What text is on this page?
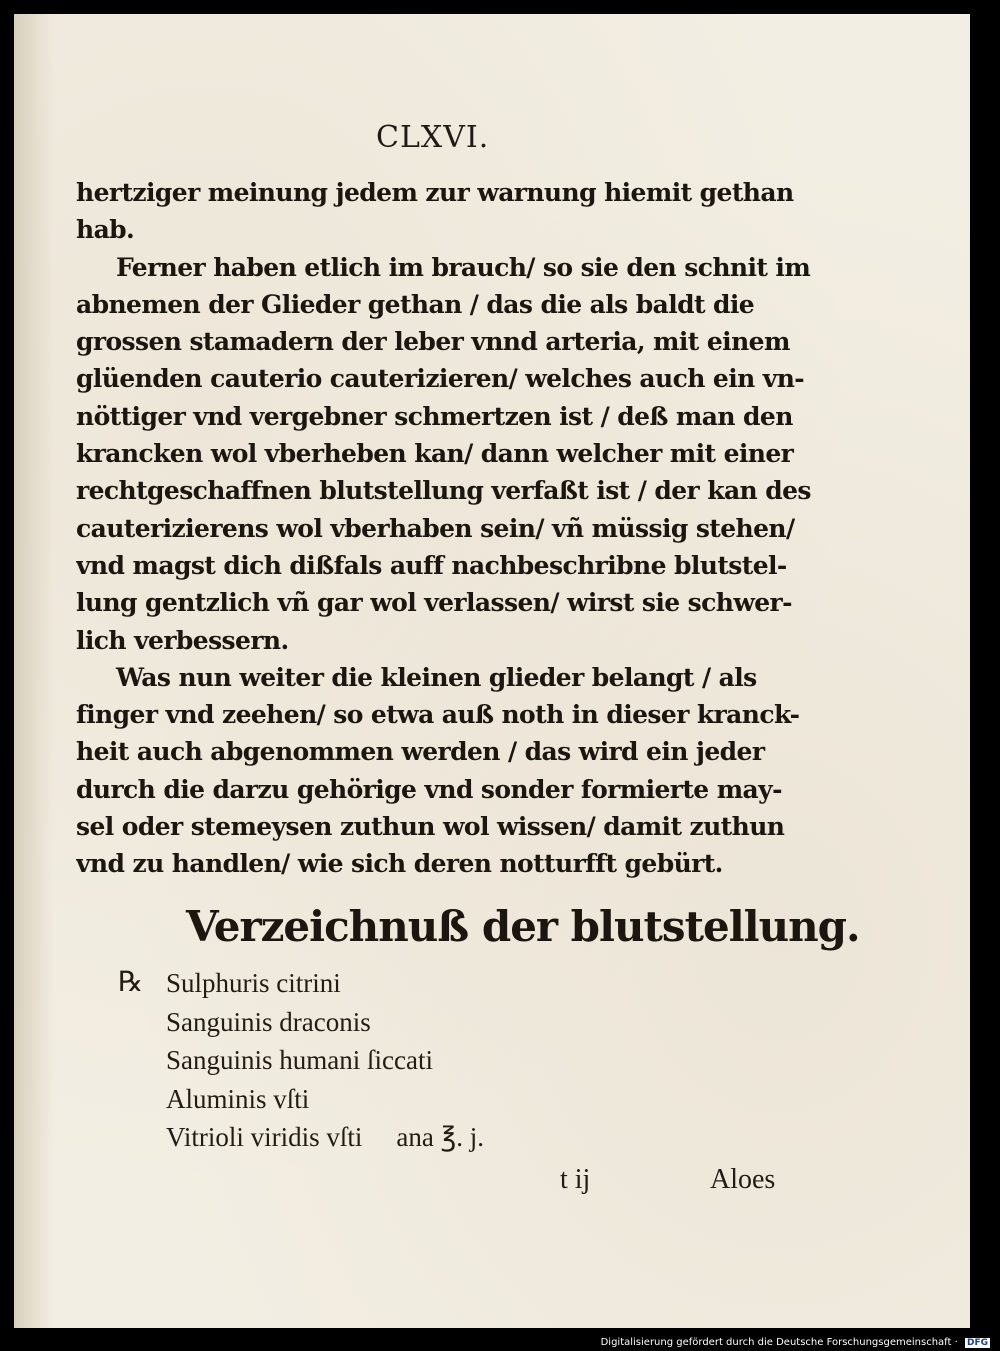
CLXVI.
hertziger meinung jedem zur warnung hiemit gethan
hab.
Ferner haben etlich im brauch/ so sie den schnit im
abnemen der Glieder gethan / das die als baldt die
grossen stamadern der leber vnnd arteria, mit einem
glüenden cauterio cauterizieren/ welches auch ein vn-
nöttiger vnd vergebner schmertzen ist / deß man den
krancken wol vberheben kan/ dann welcher mit einer
rechtgeschaffnen blutstellung verfaßt ist / der kan des
cauterizierens wol vberhaben sein/ vñ müssig stehen/
vnd magst dich dißfals auff nachbeschribne blutstel-
lung gentzlich vñ gar wol verlassen/ wirst sie schwer-
lich verbessern.
Was nun weiter die kleinen glieder belangt / als
finger vnd zeehen/ so etwa auß noth in dieser kranck-
heit auch abgenommen werden / das wird ein jeder
durch die darzu gehörige vnd sonder formierte may-
sel oder stemeysen zuthun wol wissen/ damit zuthun
vnd zu handlen/ wie sich deren notturfft gebürt.
Verzeichnuß der blutstellung.
℞ Sulphuris citrini
Sanguinis draconis
Sanguinis humani ſiccati
Aluminis vſti
Vitrioli viridis vſti ana ℥. j.
t ij	Aloes
Digitalisierung gefördert durch die Deutsche Forschungsgemeinschaft · DFG
